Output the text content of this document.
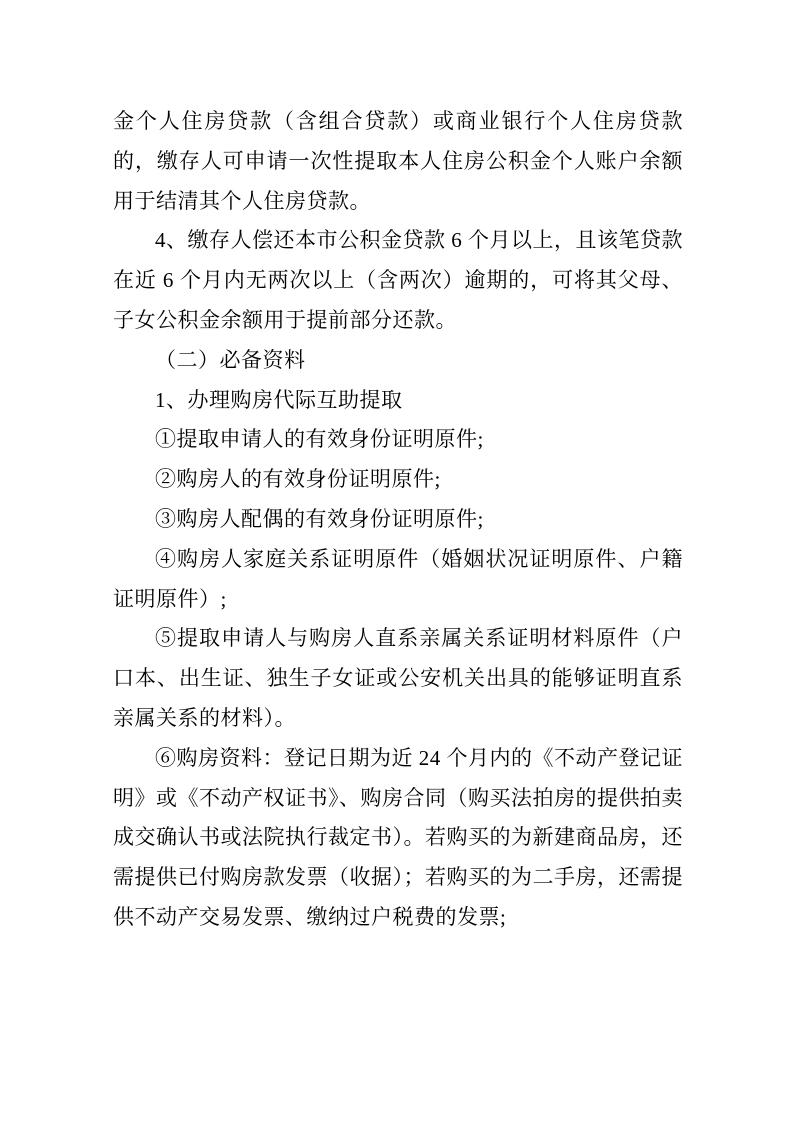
金个人住房贷款（含组合贷款）或商业银行个人住房贷款的，缴存人可申请一次性提取本人住房公积金个人账户余额用于结清其个人住房贷款。

4、缴存人偿还本市公积金贷款 6 个月以上，且该笔贷款在近 6 个月内无两次以上（含两次）逾期的，可将其父母、子女公积金余额用于提前部分还款。

（二）必备资料

1、办理购房代际互助提取

①提取申请人的有效身份证明原件;

②购房人的有效身份证明原件;

③购房人配偶的有效身份证明原件;

④购房人家庭关系证明原件（婚姻状况证明原件、户籍证明原件）;

⑤提取申请人与购房人直系亲属关系证明材料原件（户口本、出生证、独生子女证或公安机关出具的能够证明直系亲属关系的材料）。

⑥购房资料：登记日期为近 24 个月内的《不动产登记证明》或《不动产权证书》、购房合同（购买法拍房的提供拍卖成交确认书或法院执行裁定书）。若购买的为新建商品房，还需提供已付购房款发票（收据）；若购买的为二手房，还需提供不动产交易发票、缴纳过户税费的发票;
